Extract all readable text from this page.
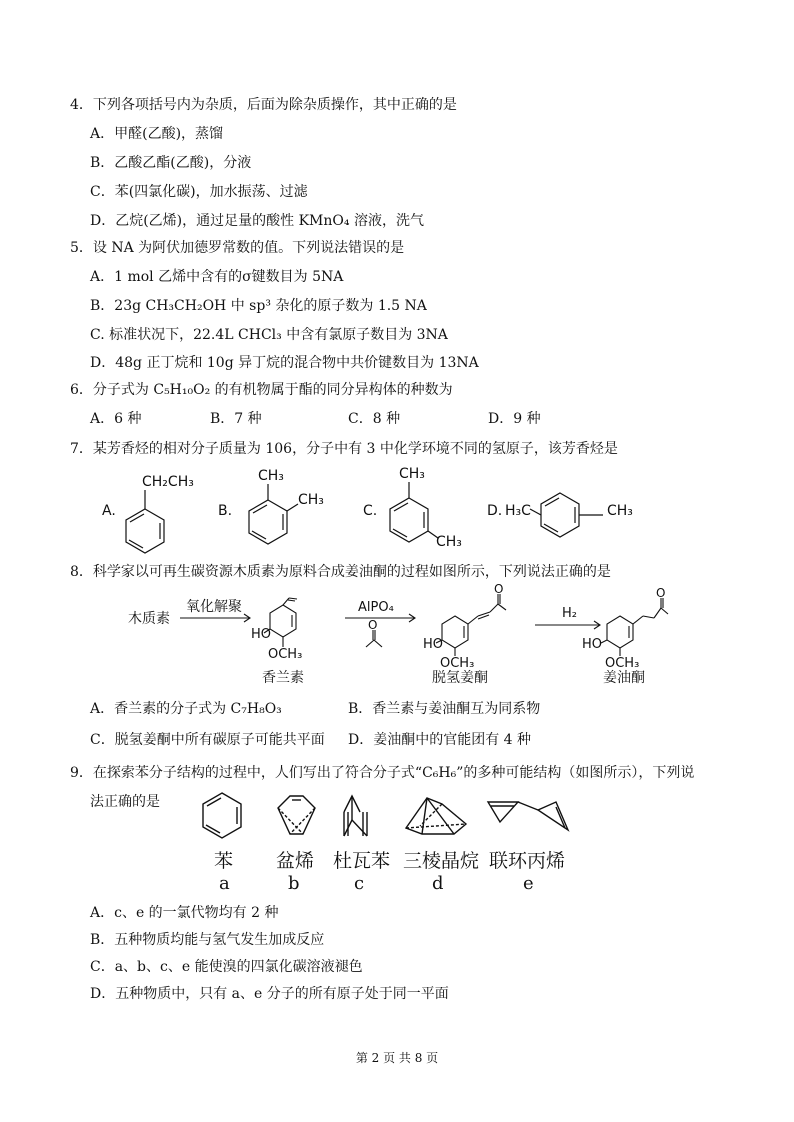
4．下列各项括号内为杂质，后面为除杂质操作，其中正确的是
A．甲醛(乙酸)，蒸馏
B．乙酸乙酯(乙酸)，分液
C．苯(四氯化碳)，加水振荡、过滤
D．乙烷(乙烯)，通过足量的酸性 KMnO₄ 溶液，洗气
5．设 NA 为阿伏加德罗常数的值。下列说法错误的是
A．1 mol 乙烯中含有的σ键数目为 5NA
B．23g CH₃CH₂OH 中 sp³ 杂化的原子数为 1.5 NA
C. 标准状况下，22.4L CHCl₃ 中含有氯原子数目为 3NA
D．48g 正丁烷和 10g 异丁烷的混合物中共价键数目为 13NA
6．分子式为 C₅H₁₀O₂ 的有机物属于酯的同分异构体的种数为
A．6 种	B．7 种	C．8 种	D．9 种
7．某芳香烃的相对分子质量为 106，分子中有 3 中化学环境不同的氢原子，该芳香烃是
A.
CH₂CH₃
B.
CH₃
CH₃
C.
CH₃
CH₃
D. H₃C	CH₃
8．科学家以可再生碳资源木质素为原料合成姜油酮的过程如图所示，下列说法正确的是
木质素
氧化解聚
HO
OCH₃
AlPO₄
O
HO
OCH₃
O
H₂
HO
OCH₃
O
香兰素	脱氢姜酮	姜油酮
A．香兰素的分子式为 C₇H₈O₃	B．香兰素与姜油酮互为同系物
C．脱氢姜酮中所有碳原子可能共平面 D．姜油酮中的官能团有 4 种
9．在探索苯分子结构的过程中，人们写出了符合分子式“C₆H₆”的多种可能结构（如图所示），下列说
法正确的是
苯 盆烯 杜瓦苯 三棱晶烷 联环丙烯
a	b	c	d	e
A．c、e 的一氯代物均有 2 种
B．五种物质均能与氢气发生加成反应
C．a、b、c、e 能使溴的四氯化碳溶液褪色
D．五种物质中，只有 a、e 分子的所有原子处于同一平面
第 2 页 共 8 页
